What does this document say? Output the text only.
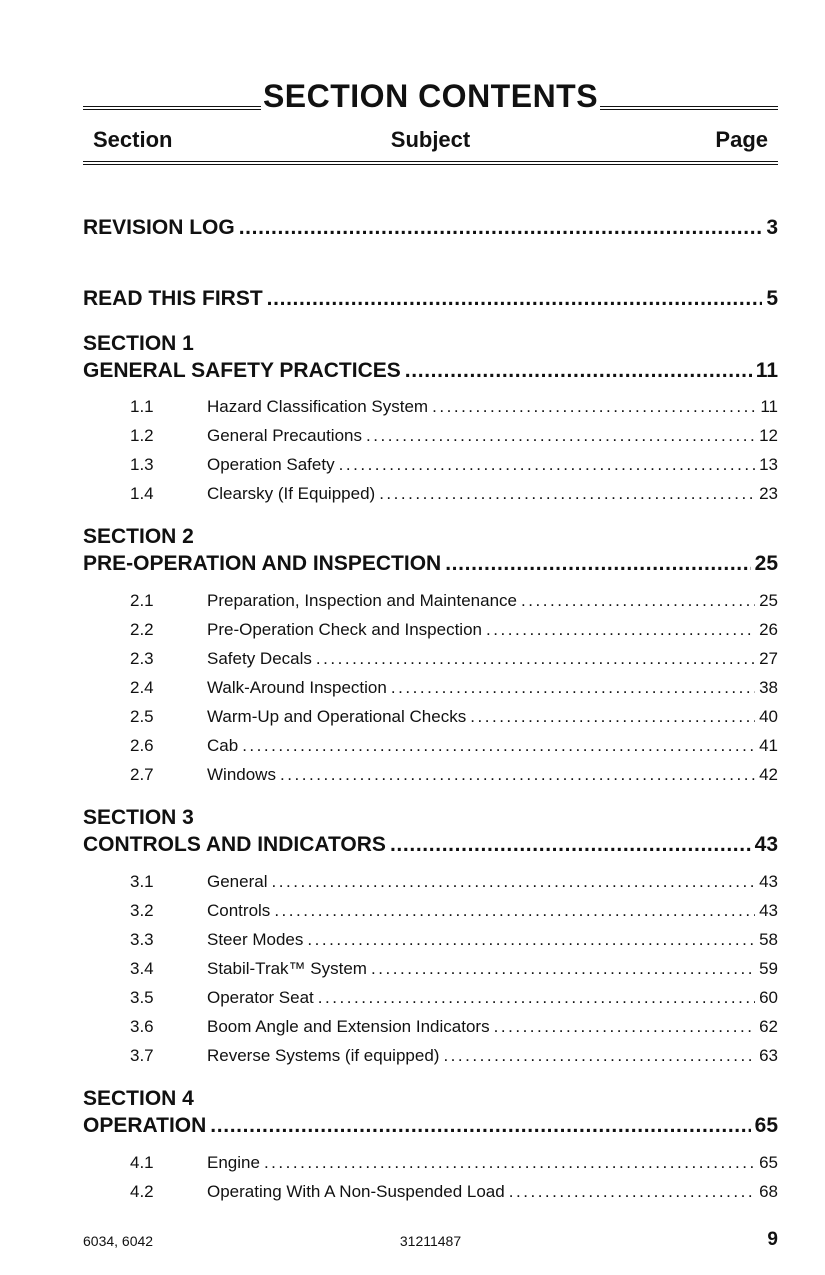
SECTION CONTENTS
Section	Subject	Page
REVISION LOG . . .	3
READ THIS FIRST . . .	5
SECTION 1
GENERAL SAFETY PRACTICES . . .	11
1.1	Hazard Classification System . . .	11
1.2	General Precautions . . .	12
1.3	Operation Safety . . .	13
1.4	Clearsky (If Equipped) . . .	23
SECTION 2
PRE-OPERATION AND INSPECTION . . .	25
2.1	Preparation, Inspection and Maintenance . . .	25
2.2	Pre-Operation Check and Inspection . . .	26
2.3	Safety Decals . . .	27
2.4	Walk-Around Inspection . . .	38
2.5	Warm-Up and Operational Checks . . .	40
2.6	Cab . . .	41
2.7	Windows . . .	42
SECTION 3
CONTROLS AND INDICATORS . . .	43
3.1	General . . .	43
3.2	Controls . . .	43
3.3	Steer Modes . . .	58
3.4	Stabil-Trak™ System . . .	59
3.5	Operator Seat . . .	60
3.6	Boom Angle and Extension Indicators . . .	62
3.7	Reverse Systems (if equipped) . . .	63
SECTION 4
OPERATION . . .	65
4.1	Engine . . .	65
4.2	Operating With A Non-Suspended Load . . .	68
6034, 6042	31211487	9
